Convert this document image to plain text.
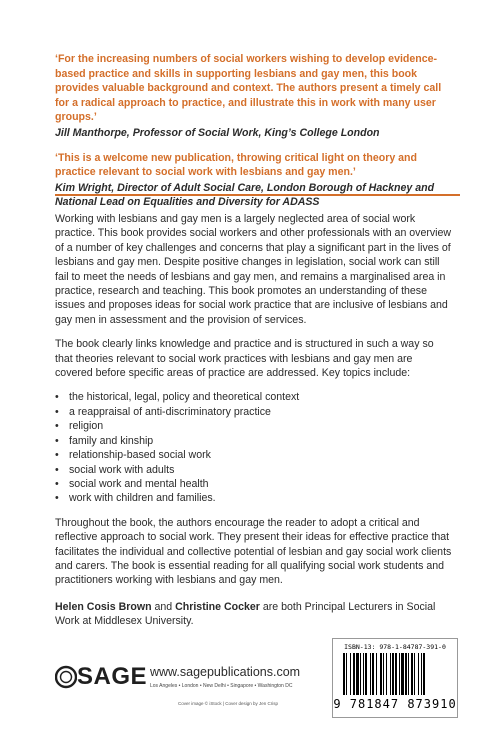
‘For the increasing numbers of social workers wishing to develop evidence-based practice and skills in supporting lesbians and gay men, this book provides valuable background and context. The authors present a timely call for a radical approach to practice, and illustrate this in work with many user groups.’
Jill Manthorpe, Professor of Social Work, King’s College London
‘This is a welcome new publication, throwing critical light on theory and practice relevant to social work with lesbians and gay men.’
Kim Wright, Director of Adult Social Care, London Borough of Hackney and National Lead on Equalities and Diversity for ADASS

Working with lesbians and gay men is a largely neglected area of social work practice. This book provides social workers and other professionals with an overview of a number of key challenges and concerns that play a significant part in the lives of lesbians and gay men. Despite positive changes in legislation, social work can still fail to meet the needs of lesbians and gay men, and remains a marginalised area in practice, research and teaching. This book promotes an understanding of these issues and proposes ideas for social work practice that are inclusive of lesbians and gay men in assessment and the provision of services.

The book clearly links knowledge and practice and is structured in such a way so that theories relevant to social work practices with lesbians and gay men are covered before specific areas of practice are addressed. Key topics include:

• the historical, legal, policy and theoretical context
• a reappraisal of anti-discriminatory practice
• religion
• family and kinship
• relationship-based social work
• social work with adults
• social work and mental health
• work with children and families.

Throughout the book, the authors encourage the reader to adopt a critical and reflective approach to social work. They present their ideas for effective practice that facilitates the individual and collective potential of lesbian and gay social work clients and carers. The book is essential reading for all qualifying social work students and practitioners working with lesbians and gay men.

Helen Cosis Brown and Christine Cocker are both Principal Lecturers in Social Work at Middlesex University.

SAGE www.sagepublications.com
Los Angeles • London • New Delhi • Singapore • Washington DC
Cover image © iStock | Cover design by Jen Crisp
ISBN-13: 978-1-84787-391-0
9 781847 873910
